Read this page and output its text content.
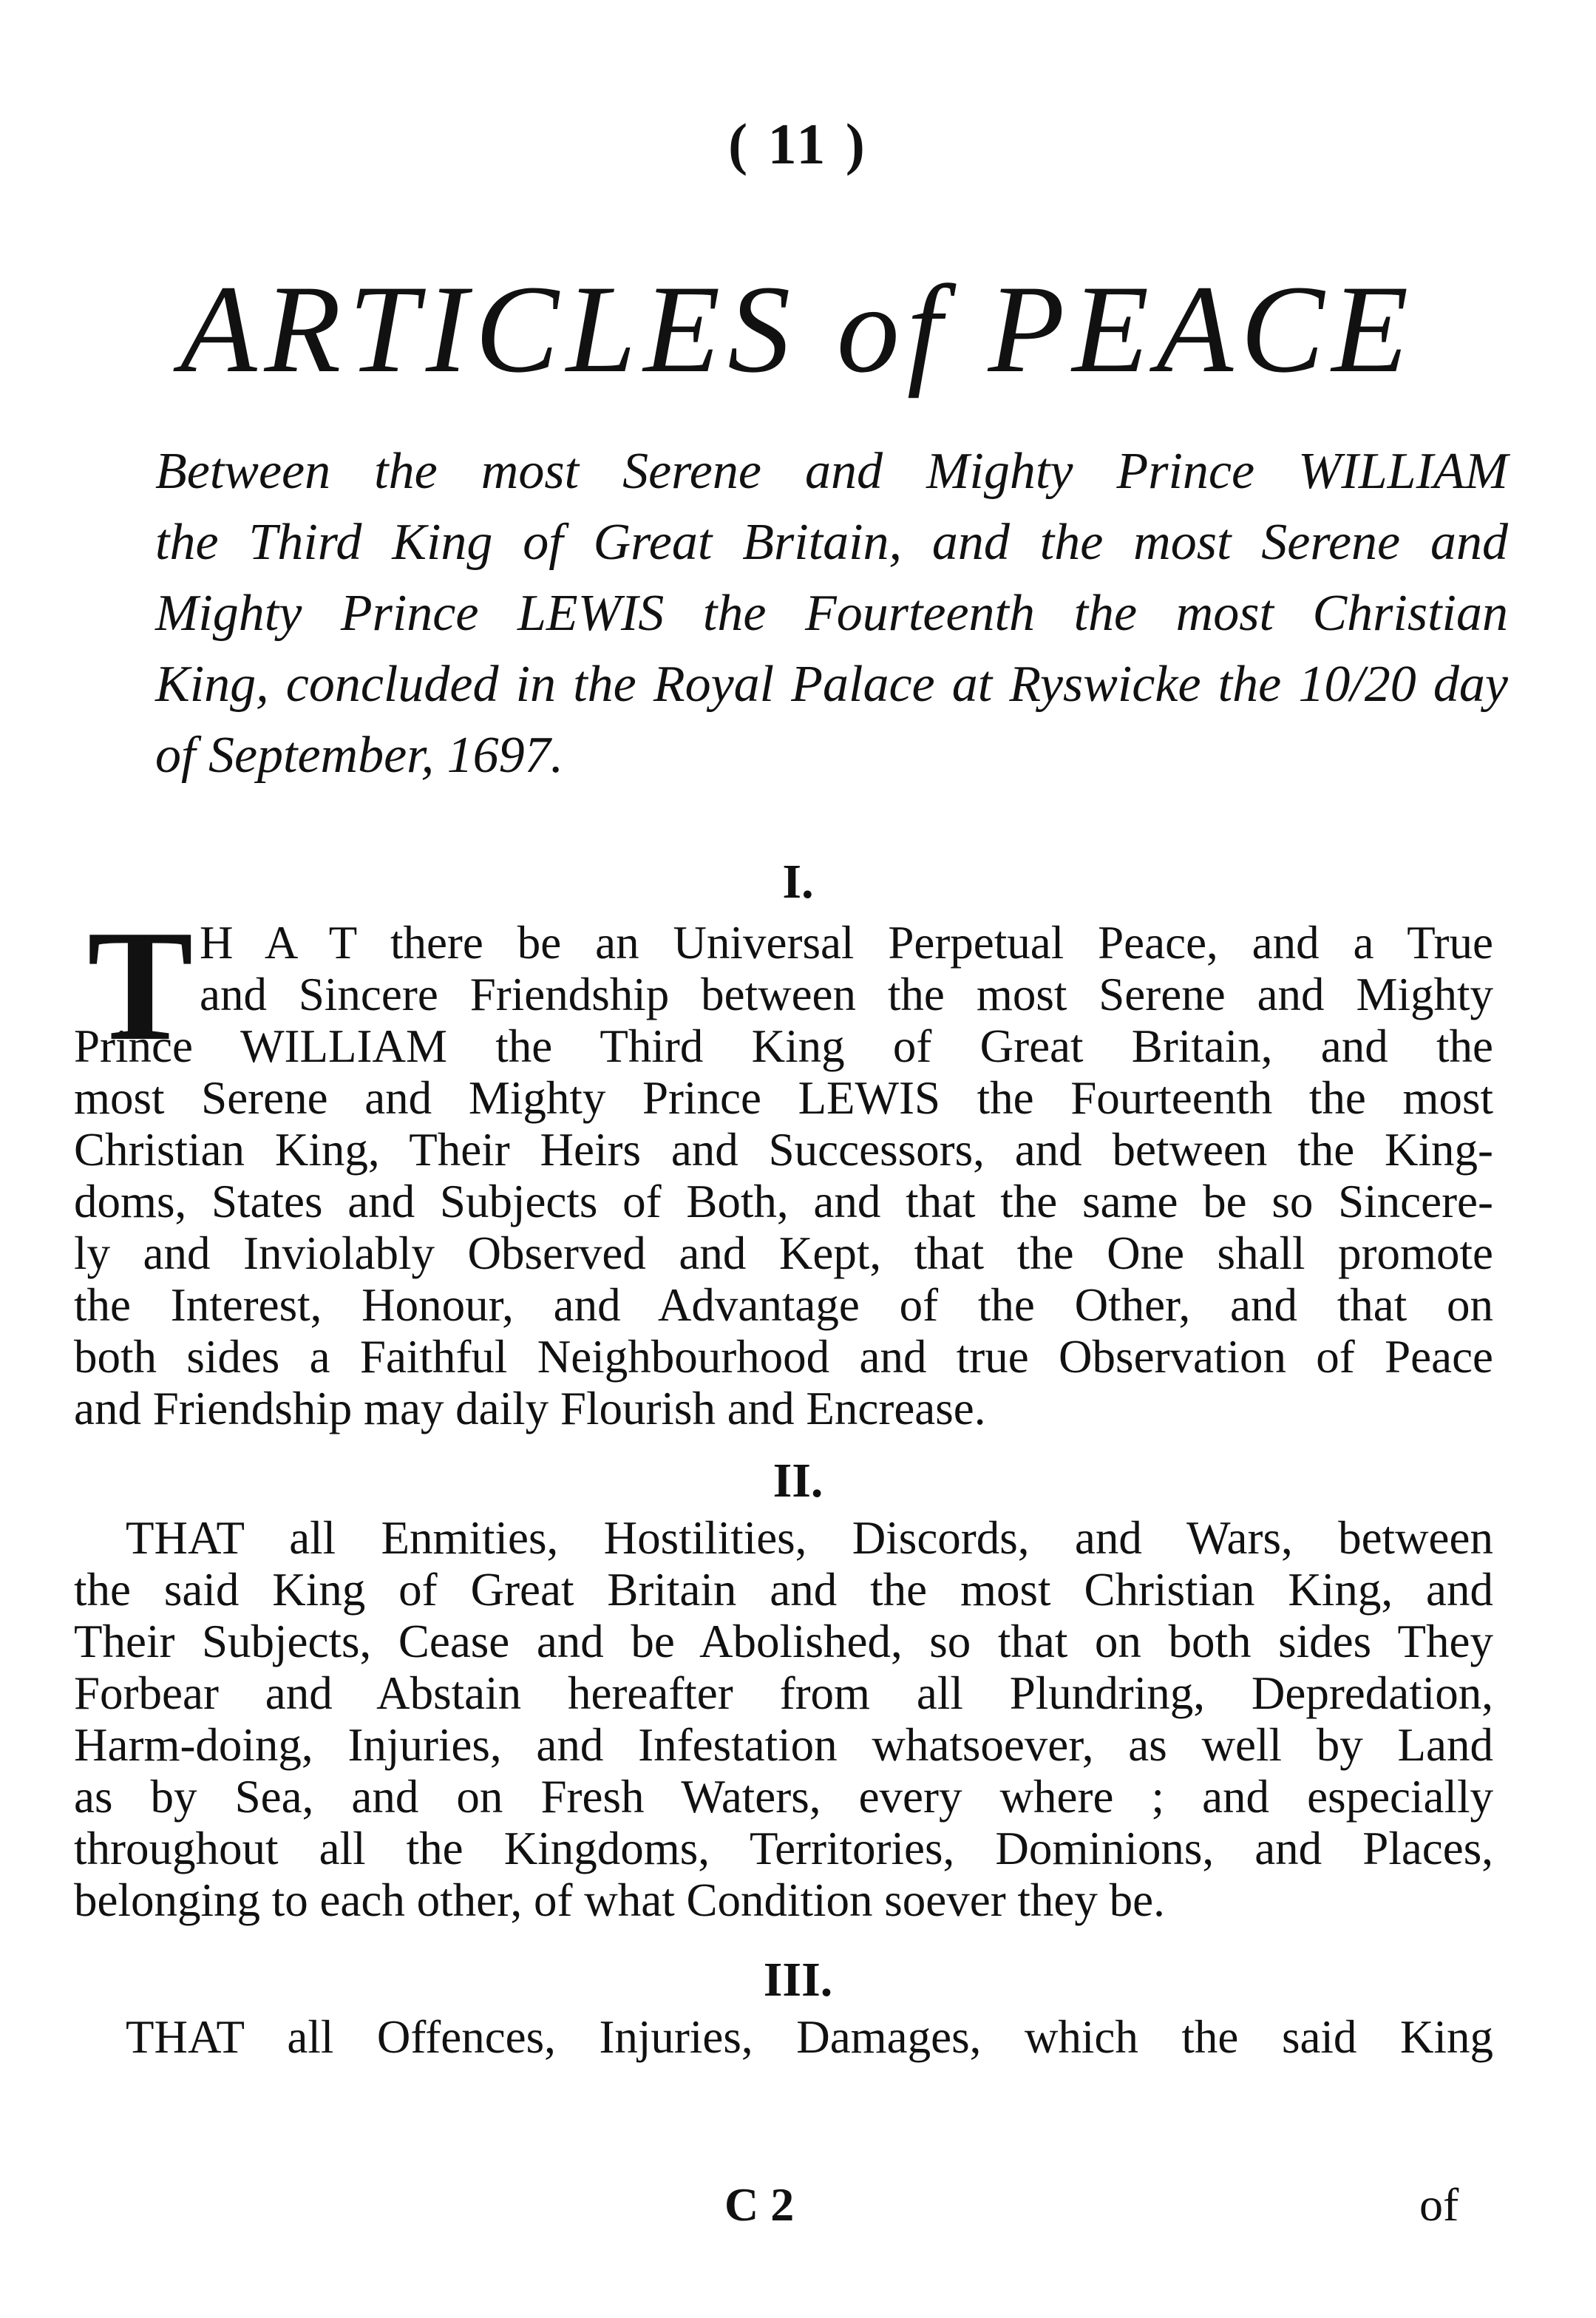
( 11 )
ARTICLES of PEACE
Between the most Serene and Mighty Prince WILLIAM
the Third King of Great Britain, and the most Serene and
Mighty Prince LEWIS the Fourteenth the most Christian
King, concluded in the Royal Palace at Ryswicke the 10/20 day
of September, 1697.
I.
T H A T there be an Universal Perpetual Peace, and a True
and Sincere Friendship between the most Serene and Mighty
Prince WILLIAM the Third King of Great Britain, and the
most Serene and Mighty Prince LEWIS the Fourteenth the most
Christian King, Their Heirs and Successors, and between the King-
doms, States and Subjects of Both, and that the same be so Sincere-
ly and Inviolably Observed and Kept, that the One shall promote
the Interest, Honour, and Advantage of the Other, and that on
both sides a Faithful Neighbourhood and true Observation of Peace
and Friendship may daily Flourish and Encrease.
II.
THAT all Enmities, Hostilities, Discords, and Wars, between
the said King of Great Britain and the most Christian King, and
Their Subjects, Cease and be Abolished, so that on both sides They
Forbear and Abstain hereafter from all Plundring, Depredation,
Harm-doing, Injuries, and Infestation whatsoever, as well by Land
as by Sea, and on Fresh Waters, every where ; and especially
throughout all the Kingdoms, Territories, Dominions, and Places,
belonging to each other, of what Condition soever they be.
III.
THAT all Offences, Injuries, Damages, which the said King
C 2	of
